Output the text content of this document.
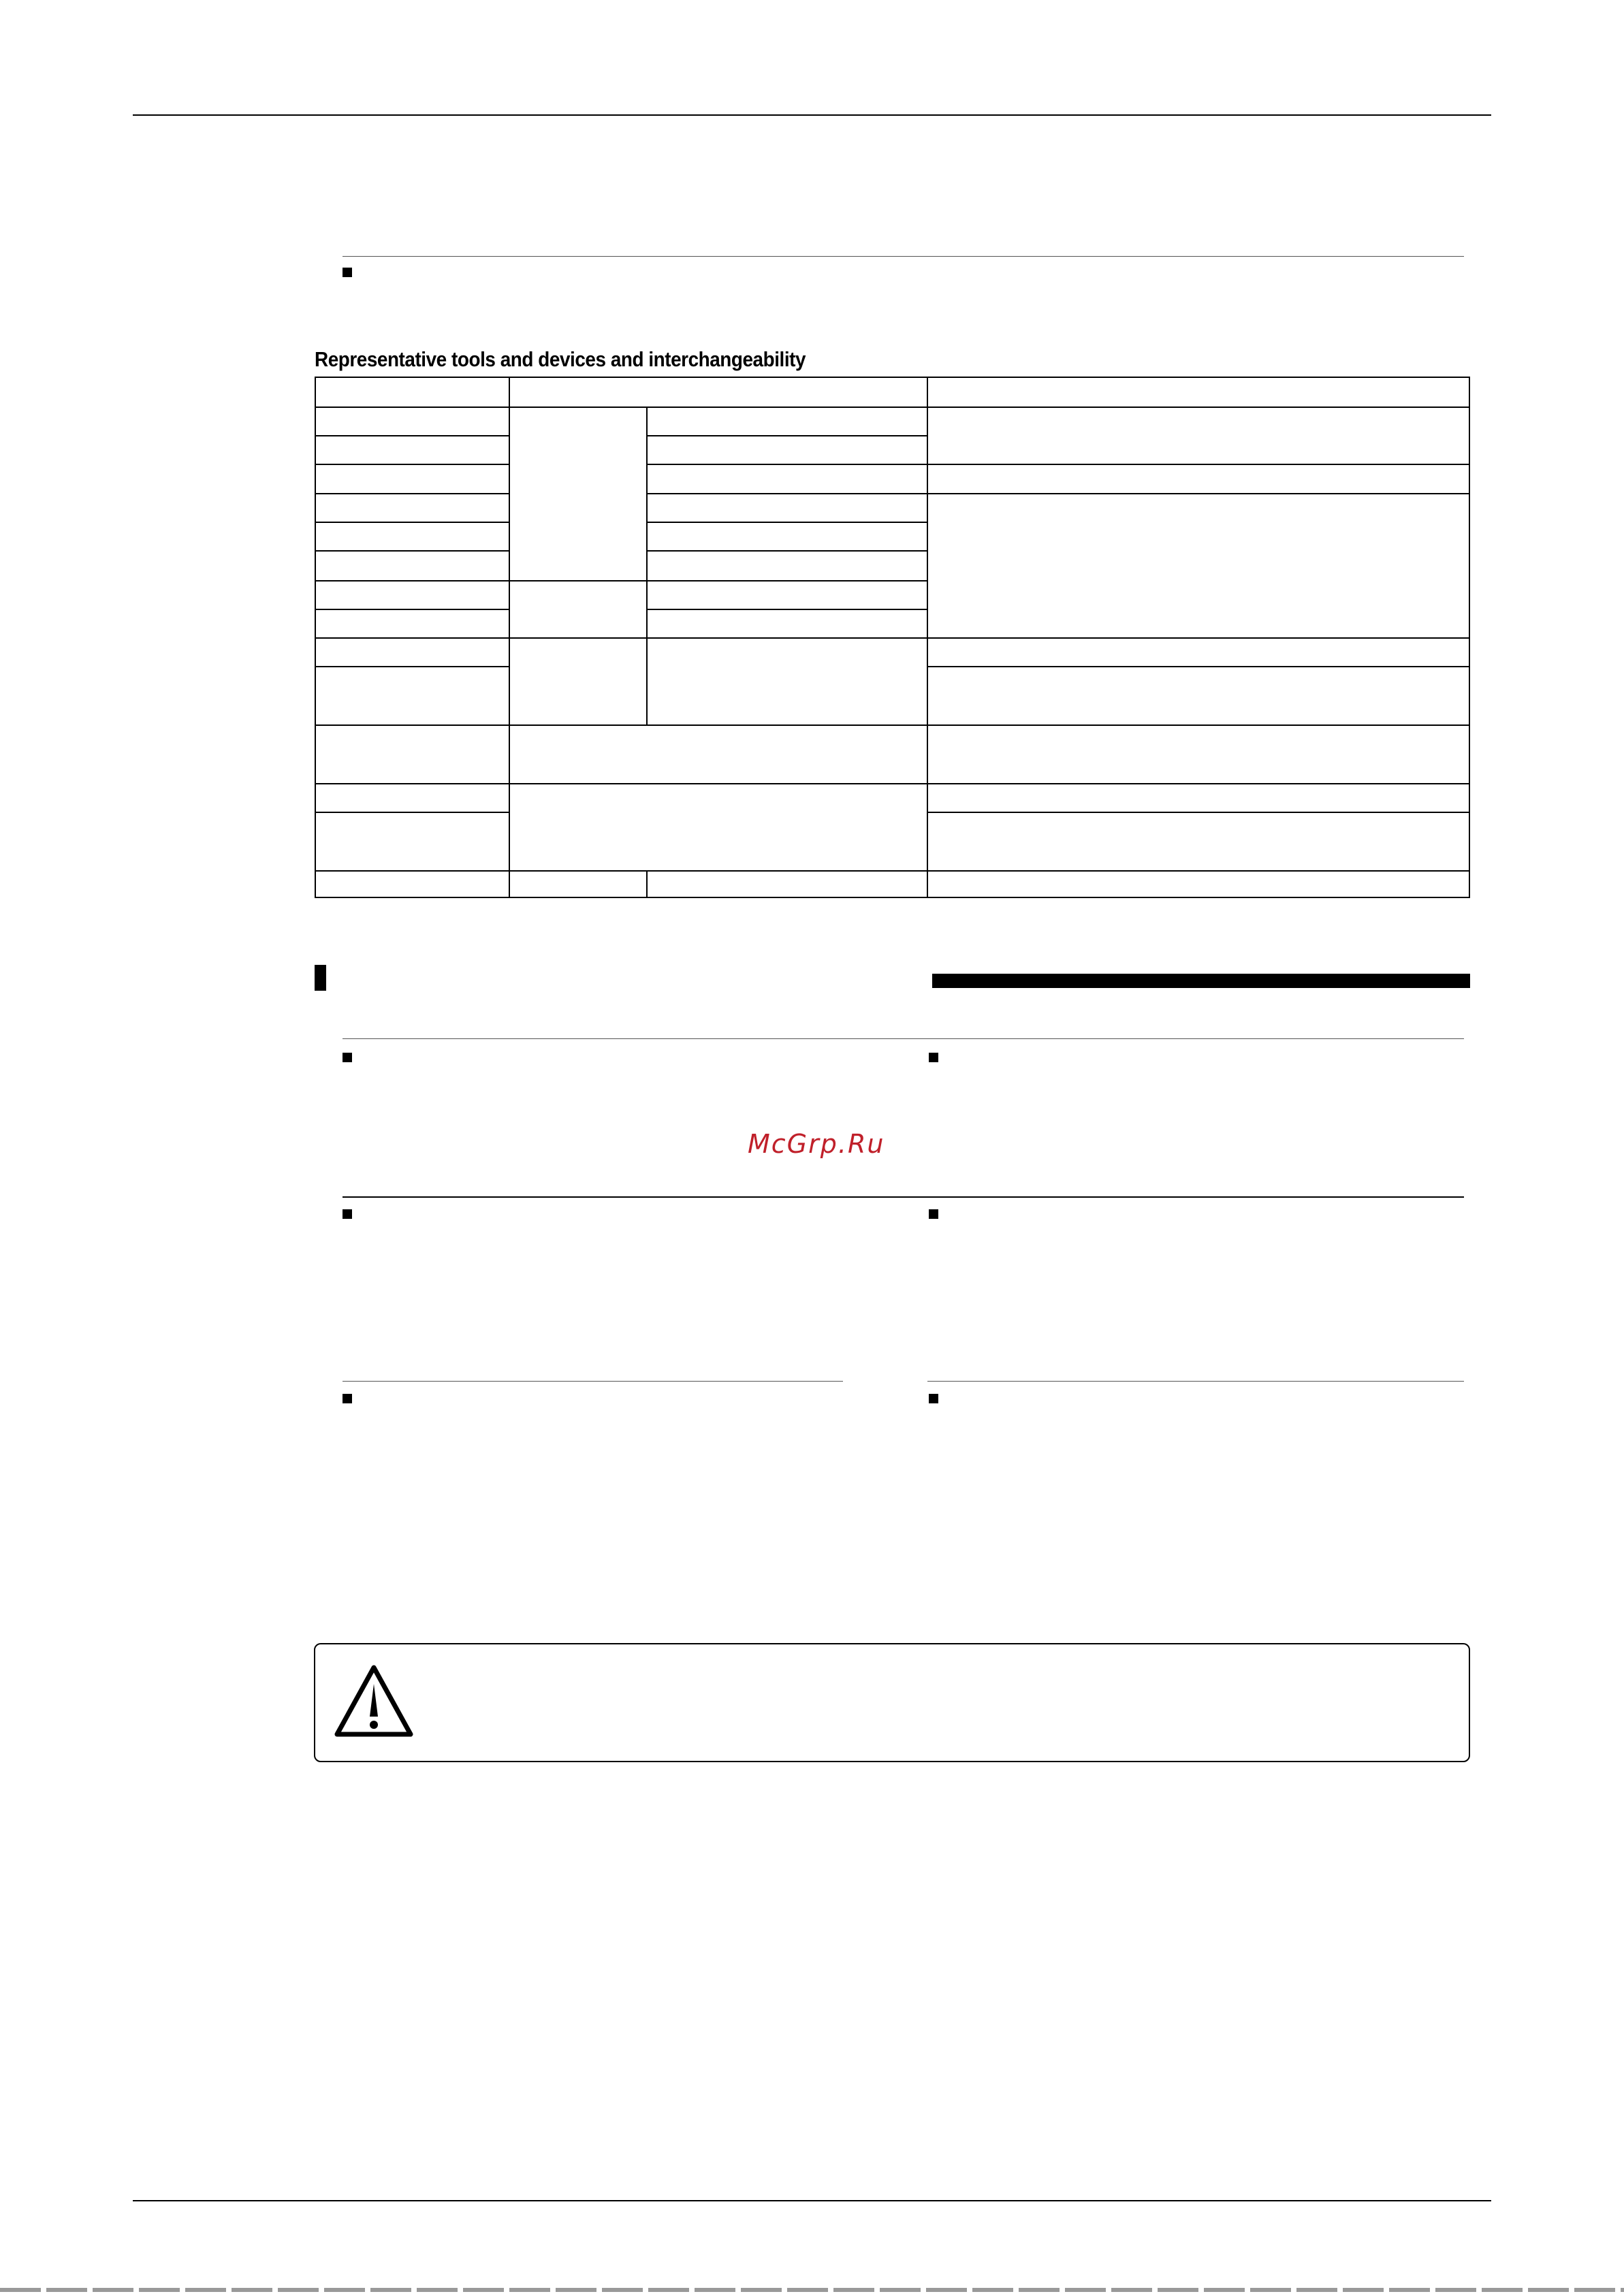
Representative tools and devices and interchangeability

McGrp.Ru
